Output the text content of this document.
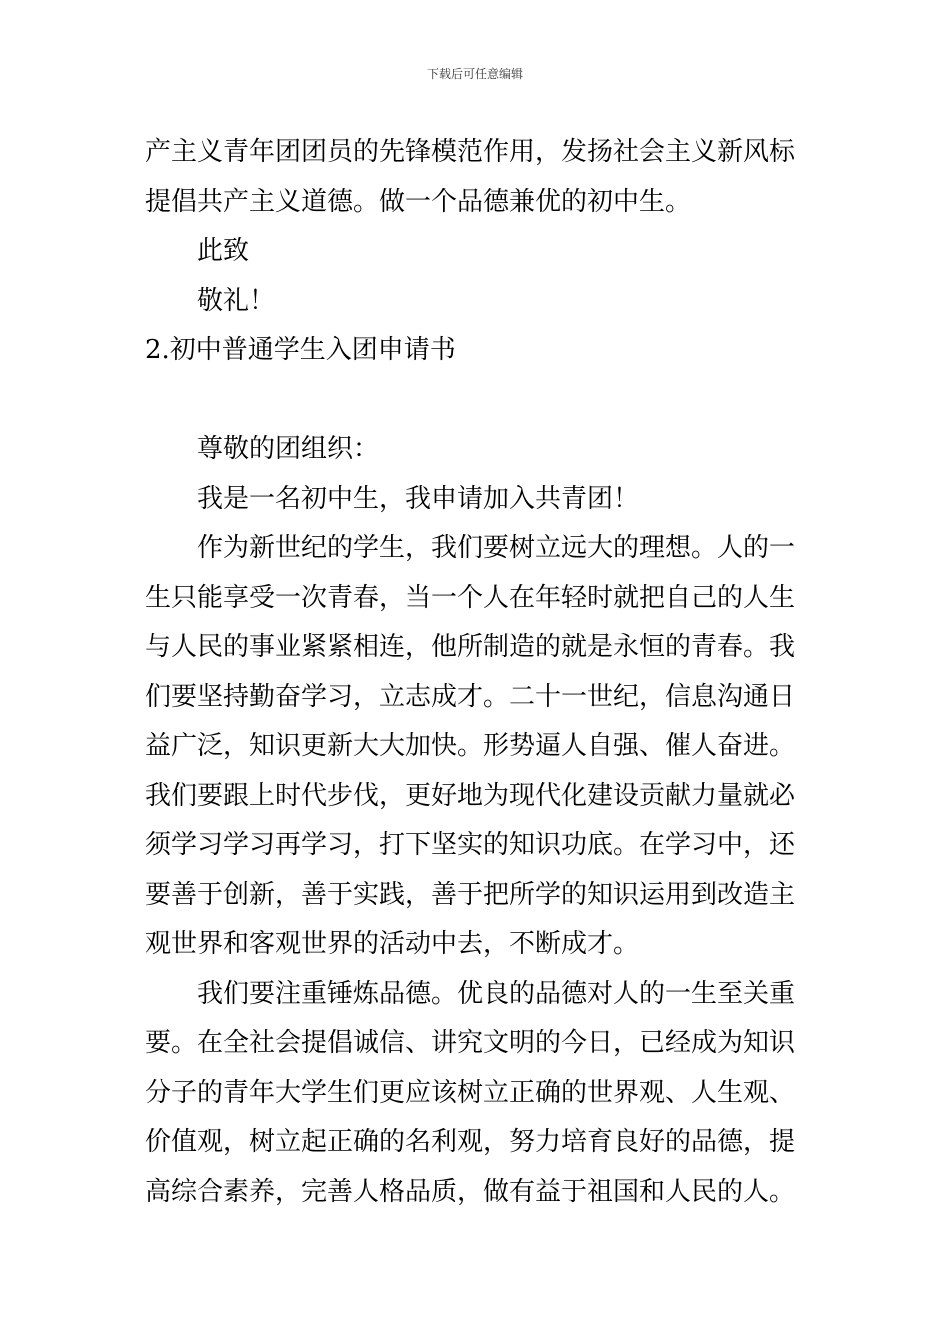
下载后可任意编辑
产主义青年团团员的先锋模范作用，发扬社会主义新风标
提倡共产主义道德。做一个品德兼优的初中生。
此致
敬礼！
2.初中普通学生入团申请书
尊敬的团组织：
我是一名初中生，我申请加入共青团！
作为新世纪的学生，我们要树立远大的理想。人的一
生只能享受一次青春，当一个人在年轻时就把自己的人生
与人民的事业紧紧相连，他所制造的就是永恒的青春。我
们要坚持勤奋学习，立志成才。二十一世纪，信息沟通日
益广泛，知识更新大大加快。形势逼人自强、催人奋进。
我们要跟上时代步伐，更好地为现代化建设贡献力量就必
须学习学习再学习，打下坚实的知识功底。在学习中，还
要善于创新，善于实践，善于把所学的知识运用到改造主
观世界和客观世界的活动中去，不断成才。
我们要注重锤炼品德。优良的品德对人的一生至关重
要。在全社会提倡诚信、讲究文明的今日，已经成为知识
分子的青年大学生们更应该树立正确的世界观、人生观、
价值观，树立起正确的名利观，努力培育良好的品德，提
高综合素养，完善人格品质，做有益于祖国和人民的人。
